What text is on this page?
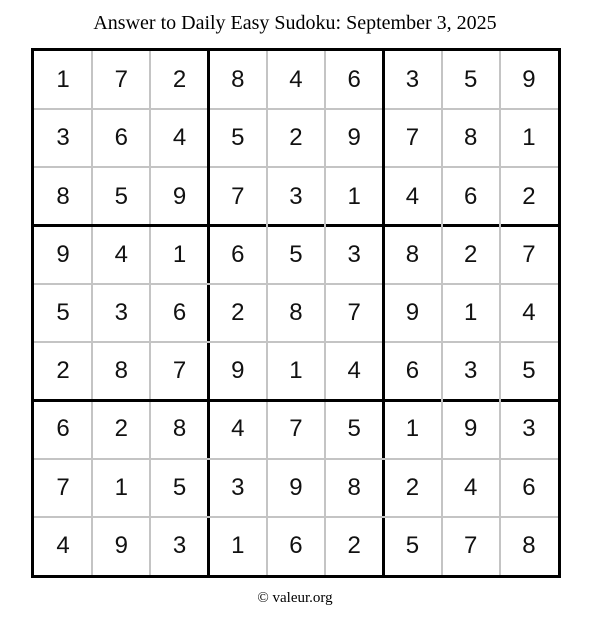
Answer to Daily Easy Sudoku: September 3, 2025
1	7	2	8	4	6	3	5	9
3	6	4	5	2	9	7	8	1
8	5	9	7	3	1	4	6	2
9	4	1	6	5	3	8	2	7
5	3	6	2	8	7	9	1	4
2	8	7	9	1	4	6	3	5
6	2	8	4	7	5	1	9	3
7	1	5	3	9	8	2	4	6
4	9	3	1	6	2	5	7	8
© valeur.org
